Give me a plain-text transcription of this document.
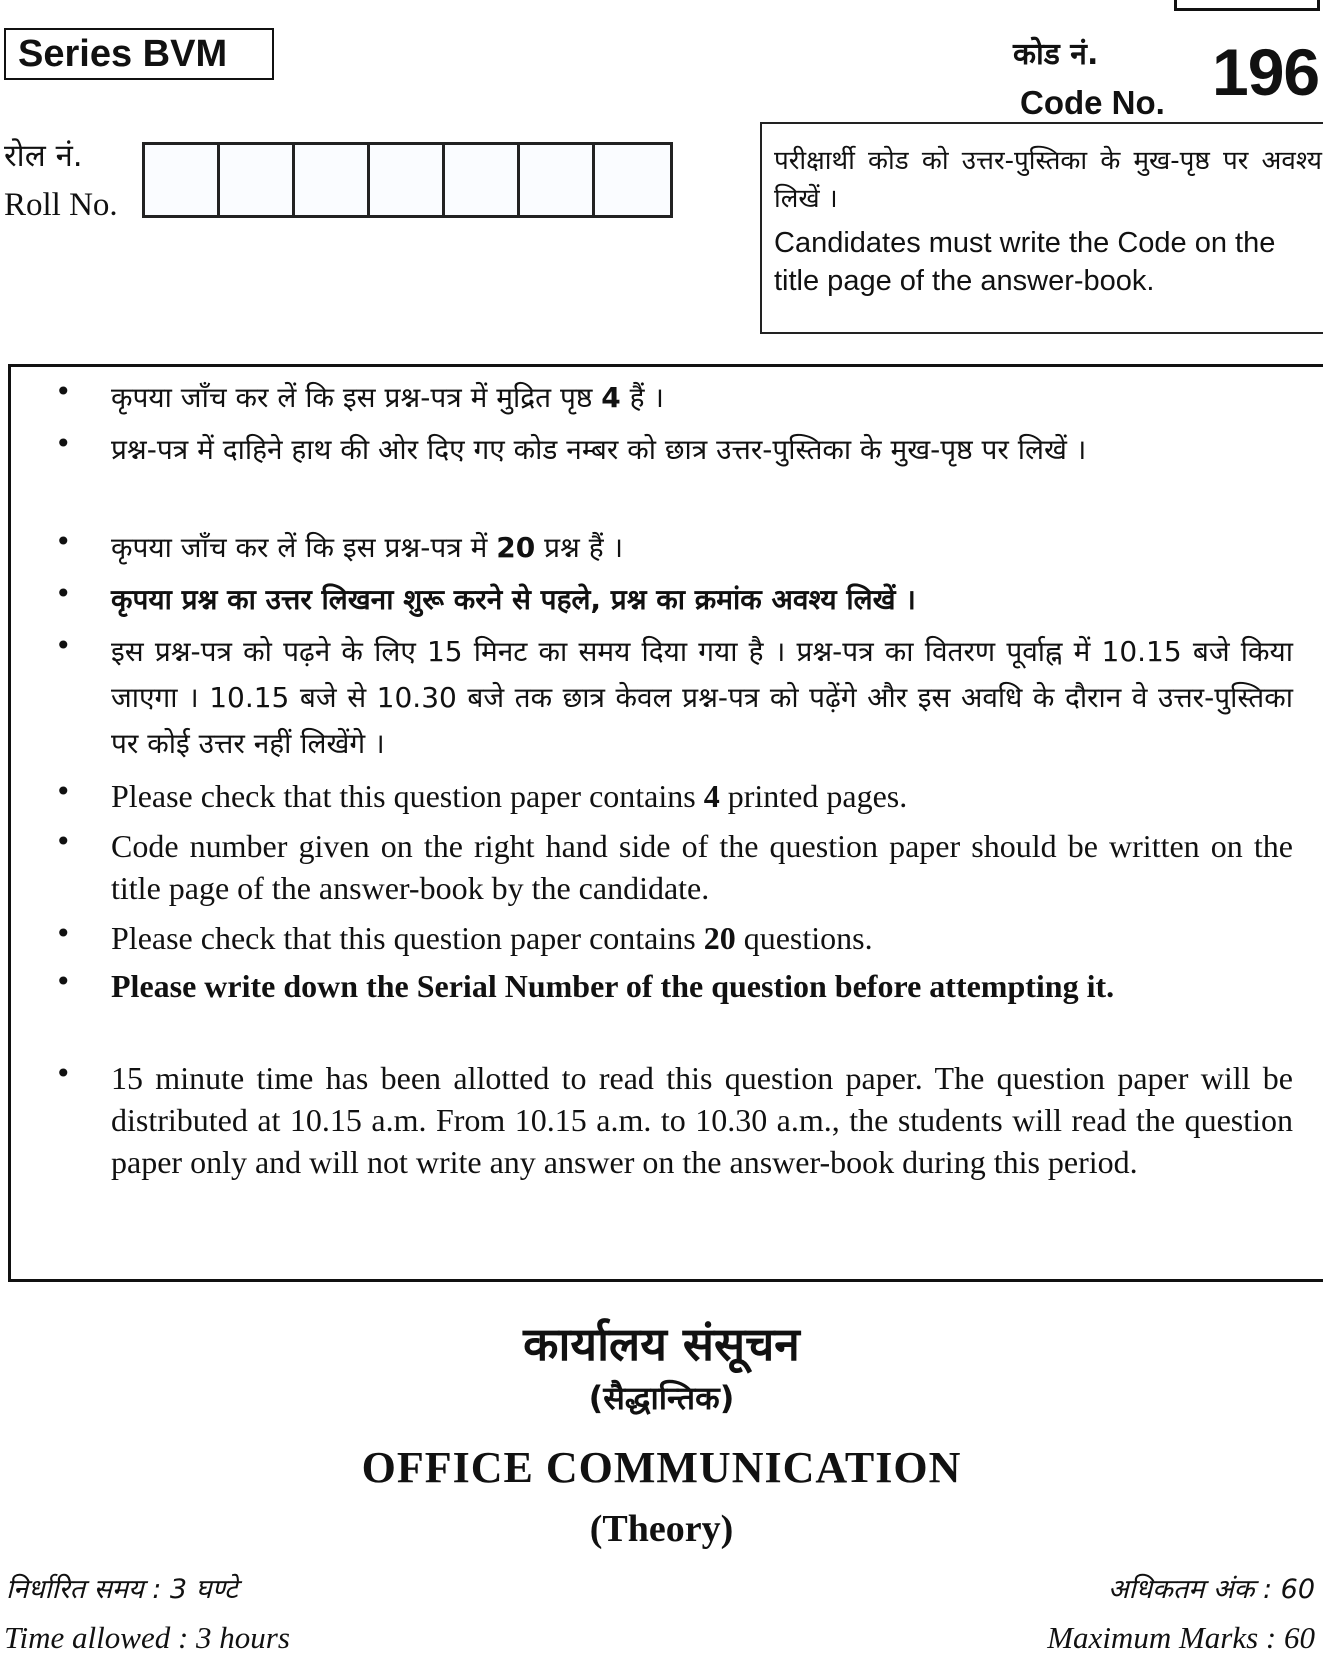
Series BVM
रोल नं.
Roll No.
कोड नं.
Code No. 196
परीक्षार्थी कोड को उत्तर-पुस्तिका के मुख-पृष्ठ पर अवश्य लिखें ।
Candidates must write the Code on the title page of the answer-book.
• कृपया जाँच कर लें कि इस प्रश्न-पत्र में मुद्रित पृष्ठ 4 हैं ।
• प्रश्न-पत्र में दाहिने हाथ की ओर दिए गए कोड नम्बर को छात्र उत्तर-पुस्तिका के मुख-पृष्ठ पर लिखें ।
• कृपया जाँच कर लें कि इस प्रश्न-पत्र में 20 प्रश्न हैं ।
• कृपया प्रश्न का उत्तर लिखना शुरू करने से पहले, प्रश्न का क्रमांक अवश्य लिखें ।
• इस प्रश्न-पत्र को पढ़ने के लिए 15 मिनट का समय दिया गया है । प्रश्न-पत्र का वितरण पूर्वाह्न में 10.15 बजे किया जाएगा । 10.15 बजे से 10.30 बजे तक छात्र केवल प्रश्न-पत्र को पढ़ेंगे और इस अवधि के दौरान वे उत्तर-पुस्तिका पर कोई उत्तर नहीं लिखेंगे ।
• Please check that this question paper contains 4 printed pages.
• Code number given on the right hand side of the question paper should be written on the title page of the answer-book by the candidate.
• Please check that this question paper contains 20 questions.
• Please write down the Serial Number of the question before attempting it.
• 15 minute time has been allotted to read this question paper. The question paper will be distributed at 10.15 a.m. From 10.15 a.m. to 10.30 a.m., the students will read the question paper only and will not write any answer on the answer-book during this period.
कार्यालय संसूचन
(सैद्धान्तिक)
OFFICE COMMUNICATION
(Theory)
निर्धारित समय : 3 घण्टे
Time allowed : 3 hours
अधिकतम अंक : 60
Maximum Marks : 60
